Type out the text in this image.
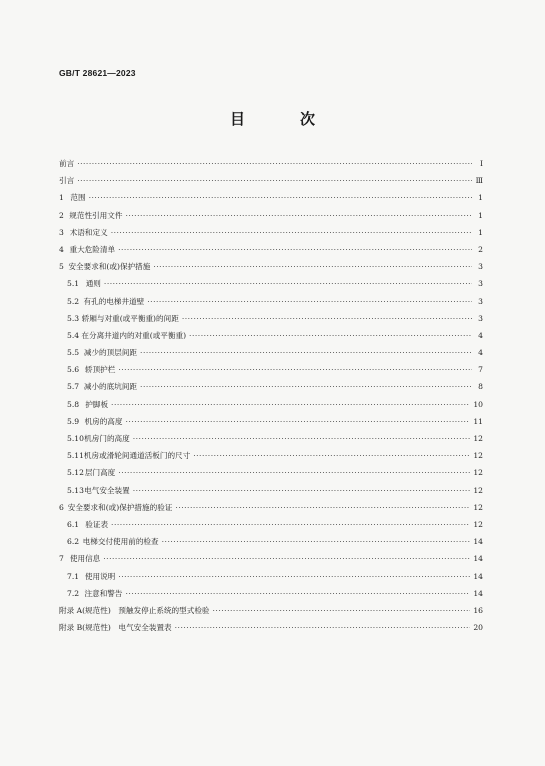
GB/T 28621—2023
目　次
前言 ·····	Ⅰ
引言 ·····	Ⅲ
1 范围 ·····	1
2 规范性引用文件 ·····	1
3 术语和定义 ·····	1
4 重大危险清单 ·····	2
5 安全要求和(或)保护措施 ·····	3
5.1 通则 ·····	3
5.2 有孔的电梯井道壁 ·····	3
5.3 轿厢与对重(或平衡重)的间距 ·····	3
5.4 在分离井道内的对重(或平衡重) ·····	4
5.5 减少的顶层间距 ·····	4
5.6 轿顶护栏 ·····	7
5.7 减小的底坑间距 ·····	8
5.8 护脚板 ·····	10
5.9 机房的高度 ·····	11
5.10 机房门的高度 ·····	12
5.11 机房或滑轮间通道活板门的尺寸 ·····	12
5.12 层门高度 ·····	12
5.13 电气安全装置 ·····	12
6 安全要求和(或)保护措施的验证 ·····	12
6.1 验证表 ·····	12
6.2 电梯交付使用前的检查 ·····	14
7 使用信息 ·····	14
7.1 使用说明 ·····	14
7.2 注意和警告 ·····	14
附录 A(规范性)　预触发停止系统的型式检验 ·····	16
附录 B(规范性)　电气安全装置表 ·····	20
